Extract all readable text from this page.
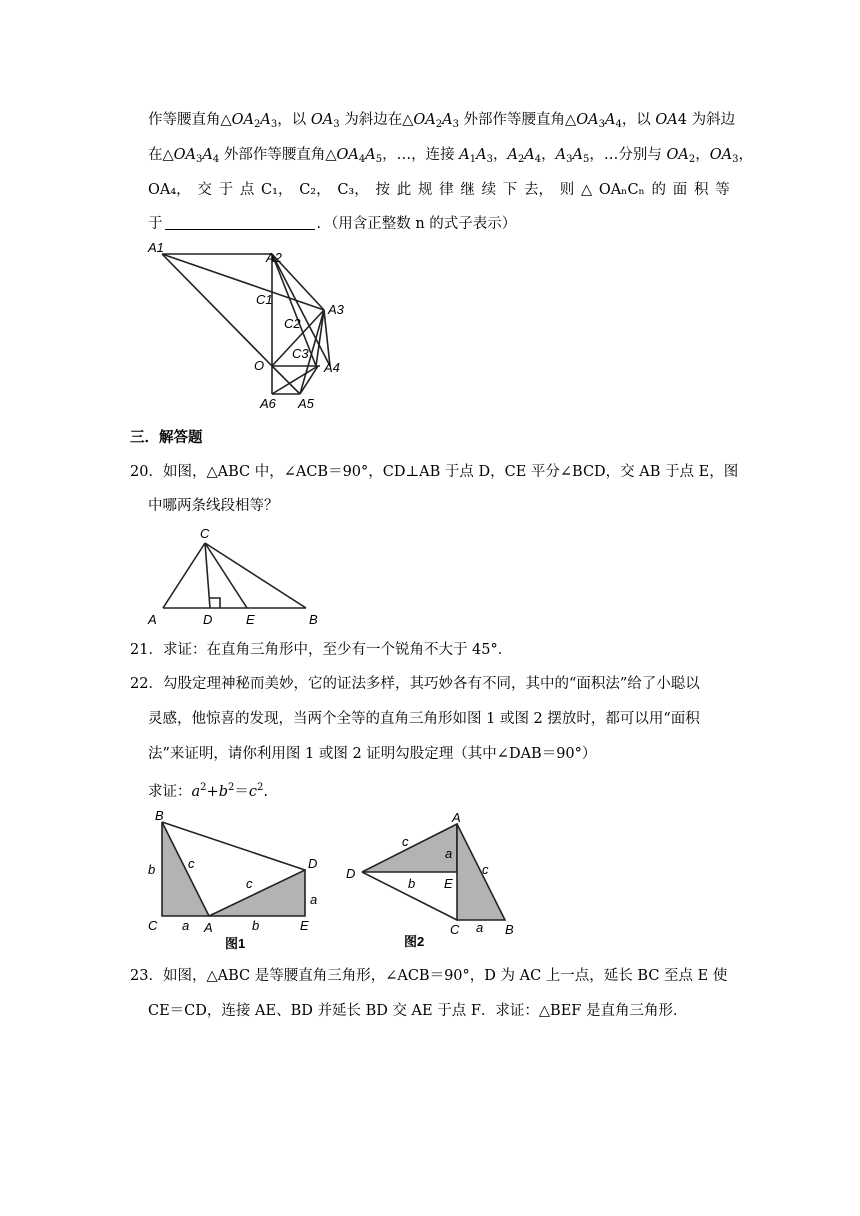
作等腰直角$\triangle OA_2A_3$，以 $OA_3$ 为斜边在$\triangle OA_2A_3$ 外部作等腰直角$\triangle OA_3A_4$，以 OA4 为斜边
在$\triangle OA_3A_4$ 外部作等腰直角$\triangle OA_4A_5$，…，连接 $A_1A_3$，$A_2A_4$，$A_3A_5$，…分别与 $OA_2$，$OA_3$，
OA₄， 交 于 点 C₁， C₂， C₃， 按 此 规 律 继 续 下 去， 则 △ OAₙCₙ 的 面 积 等
于	．（用含正整数 n 的式子表示）
A1
A2
A3
A4
A5
A6
O
C1
C2
C3
三．解答题
20．如图，△ABC 中，∠ACB＝90°，CD⊥AB 于点 D，CE 平分∠BCD，交 AB 于点 E，图
中哪两条线段相等？
C
A	D	E	B
21．求证：在直角三角形中，至少有一个锐角不大于 45°．
22．勾股定理神秘而美妙，它的证法多样，其巧妙各有不同，其中的“面积法”给了小聪以
灵感，他惊喜的发现，当两个全等的直角三角形如图 1 或图 2 摆放时，都可以用“面积
法”来证明，请你利用图 1 或图 2 证明勾股定理（其中∠DAB＝90°）
求证：$a^2+b^2=c^2$.
B
b	c	D
c
a
C a A	b	E
图1
A
c
a
D
b E
c
C a B
图2
23．如图，△ABC 是等腰直角三角形，∠ACB＝90°，D 为 AC 上一点，延长 BC 至点 E 使
CE＝CD，连接 AE、BD 并延长 BD 交 AE 于点 F．求证：△BEF 是直角三角形．
